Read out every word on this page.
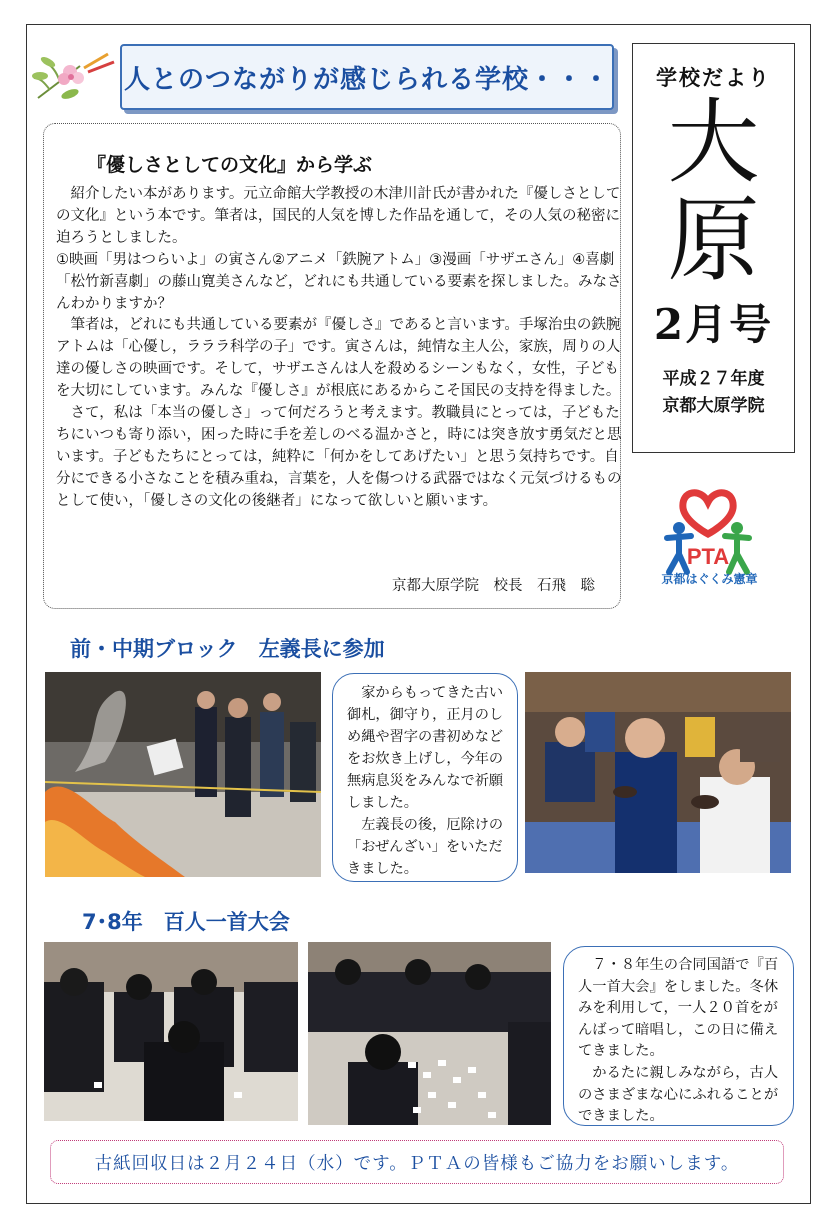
人とのつながりが感じられる学校・・・	学校だより
大
原
2月号
平成２７年度
京都大原学院
PTA
京都はぐくみ憲章
『優しさとしての文化』から学ぶ

紹介したい本があります。元立命館大学教授の木津川計氏が書かれた『優しさとしての文化』という本です。筆者は，国民的人気を博した作品を通して，その人気の秘密に迫ろうとしました。

①映画「男はつらいよ」の寅さん②アニメ「鉄腕アトム」③漫画「サザエさん」④喜劇「松竹新喜劇」の藤山寛美さんなど，どれにも共通している要素を探しました。みなさんわかりますか？

筆者は，どれにも共通している要素が『優しさ』であると言います。手塚治虫の鉄腕アトムは「心優し，ラララ科学の子」です。寅さんは，純情な主人公，家族，周りの人達の優しさの映画です。そして，サザエさんは人を殺めるシーンもなく，女性，子どもを大切にしています。みんな『優しさ』が根底にあるからこそ国民の支持を得ました。

さて，私は「本当の優しさ」って何だろうと考えます。教職員にとっては，子どもたちにいつも寄り添い，困った時に手を差しのべる温かさと，時には突き放す勇気だと思います。子どもたちにとっては，純粋に「何かをしてあげたい」と思う気持ちです。自分にできる小さなことを積み重ね，言葉を，人を傷つける武器ではなく元気づけるものとして使い，「優しさの文化の後継者」になって欲しいと願います。

京都大原学院　校長　石飛　聡
前・中期ブロック　左義長に参加

家からもってきた古い御札，御守り，正月のしめ縄や習字の書初めなどをお炊き上げし，今年の無病息災をみんなで祈願しました。

左義長の後，厄除けの「おぜんざい」をいただきました。

7･8年　百人一首大会

７・８年生の合同国語で『百人一首大会』をしました。冬休みを利用して，一人２０首をがんばって暗唱し，この日に備えてきました。

かるたに親しみながら，古人のさまざまな心にふれることができました。

古紙回収日は２月２４日（水）です。ＰＴＡの皆様もご協力をお願いします。
